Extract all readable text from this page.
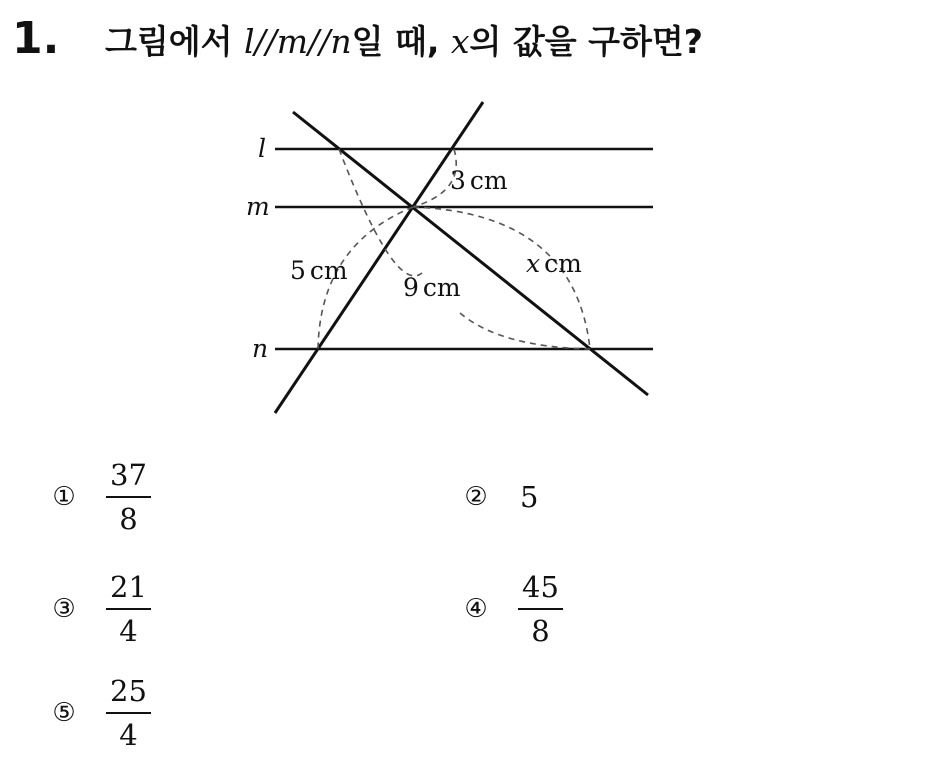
1. 그림에서 l//m//n일 때, x의 값을 구하면?
l
m
n
3 cm
5 cm
9 cm
x cm
① $\frac{37}{8}$	② 5
③ $\frac{21}{4}$	④ $\frac{45}{8}$
⑤ $\frac{25}{4}$
